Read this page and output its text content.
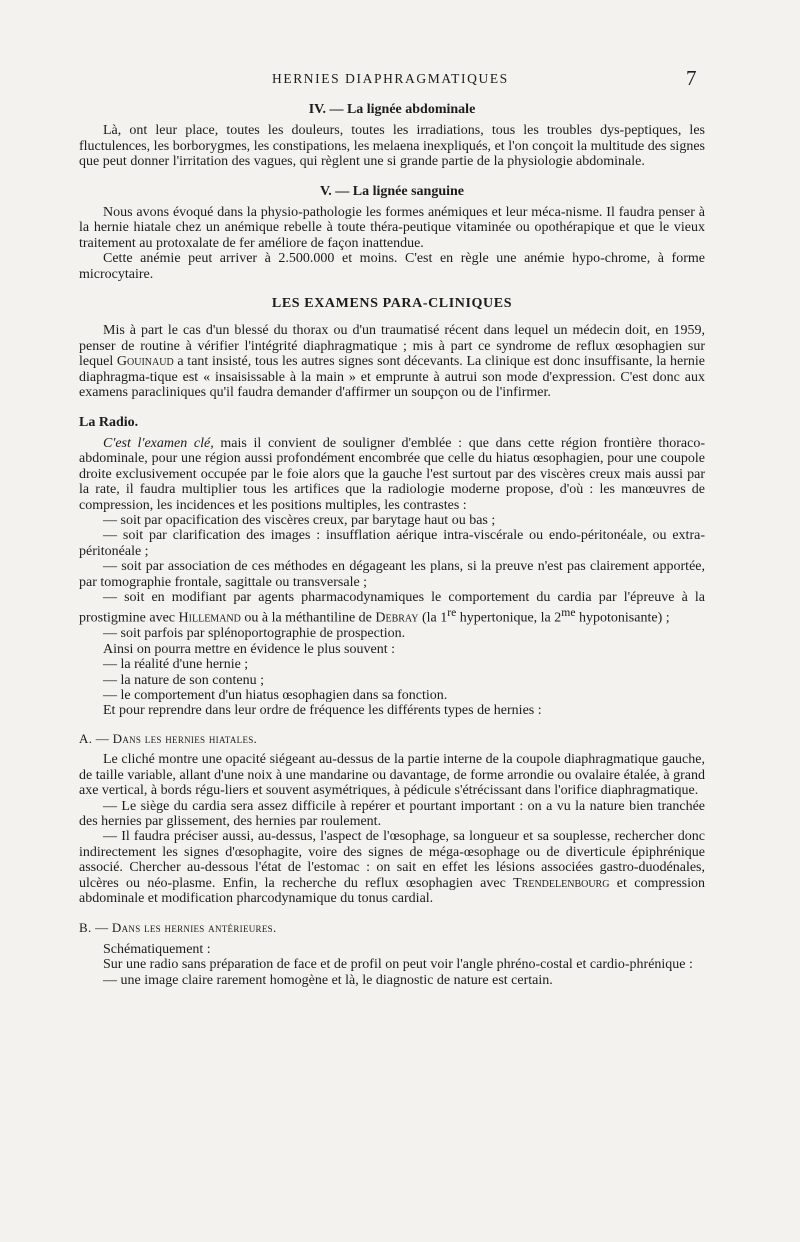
HERNIES DIAPHRAGMATIQUES	7

IV. — La lignée abdominale

Là, ont leur place, toutes les douleurs, toutes les irradiations, tous les troubles dys-peptiques, les fluctulences, les borborygmes, les constipations, les melaena inexpliqués, et l'on conçoit la multitude des signes que peut donner l'irritation des vagues, qui règlent une si grande partie de la physiologie abdominale.

V. — La lignée sanguine

Nous avons évoqué dans la physio-pathologie les formes anémiques et leur méca-nisme. Il faudra penser à la hernie hiatale chez un anémique rebelle à toute théra-peutique vitaminée ou opothérapique et que le vieux traitement au protoxalate de fer améliore de façon inattendue.

Cette anémie peut arriver à 2.500.000 et moins. C'est en règle une anémie hypo-chrome, à forme microcytaire.

LES EXAMENS PARA-CLINIQUES

Mis à part le cas d'un blessé du thorax ou d'un traumatisé récent dans lequel un médecin doit, en 1959, penser de routine à vérifier l'intégrité diaphragmatique ; mis à part ce syndrome de reflux œsophagien sur lequel Gouinaud a tant insisté, tous les autres signes sont décevants. La clinique est donc insuffisante, la hernie diaphragma-tique est « insaisissable à la main » et emprunte à autrui son mode d'expression. C'est donc aux examens paracliniques qu'il faudra demander d'affirmer un soupçon ou de l'infirmer.

La Radio.

C'est l'examen clé, mais il convient de souligner d'emblée : que dans cette région frontière thoraco-abdominale, pour une région aussi profondément encombrée que celle du hiatus œsophagien, pour une coupole droite exclusivement occupée par le foie alors que la gauche l'est surtout par des viscères creux mais aussi par la rate, il faudra multiplier tous les artifices que la radiologie moderne propose, d'où : les manœuvres de compression, les incidences et les positions multiples, les contrastes :

— soit par opacification des viscères creux, par barytage haut ou bas ;

— soit par clarification des images : insufflation aérique intra-viscérale ou endo-péritonéale, ou extra-péritonéale ;

— soit par association de ces méthodes en dégageant les plans, si la preuve n'est pas clairement apportée, par tomographie frontale, sagittale ou transversale ;

— soit en modifiant par agents pharmacodynamiques le comportement du cardia par l'épreuve à la prostigmine avec Hillemand ou à la méthantiline de Debray (la 1re hypertonique, la $2^{me}$ hypotonisante) ;

— soit parfois par splénoportographie de prospection.

Ainsi on pourra mettre en évidence le plus souvent :

— la réalité d'une hernie ;

— la nature de son contenu ;

— le comportement d'un hiatus œsophagien dans sa fonction.

Et pour reprendre dans leur ordre de fréquence les différents types de hernies :

A. — Dans les hernies hiatales.

Le cliché montre une opacité siégeant au-dessus de la partie interne de la coupole diaphragmatique gauche, de taille variable, allant d'une noix à une mandarine ou davantage, de forme arrondie ou ovalaire étalée, à grand axe vertical, à bords régu-liers et souvent asymétriques, à pédicule s'étrécissant dans l'orifice diaphragmatique.

— Le siège du cardia sera assez difficile à repérer et pourtant important : on a vu la nature bien tranchée des hernies par glissement, des hernies par roulement.

— Il faudra préciser aussi, au-dessus, l'aspect de l'œsophage, sa longueur et sa souplesse, rechercher donc indirectement les signes d'œsophagite, voire des signes de méga-œsophage ou de diverticule épiphrénique associé. Chercher au-dessous l'état de l'estomac : on sait en effet les lésions associées gastro-duodénales, ulcères ou néo-plasme. Enfin, la recherche du reflux œsophagien avec Trendelenbourg et compression abdominale et modification pharcodynamique du tonus cardial.

B. — Dans les hernies antérieures.

Schématiquement :

Sur une radio sans préparation de face et de profil on peut voir l'angle phréno-costal et cardio-phrénique :

— une image claire rarement homogène et là, le diagnostic de nature est certain.
